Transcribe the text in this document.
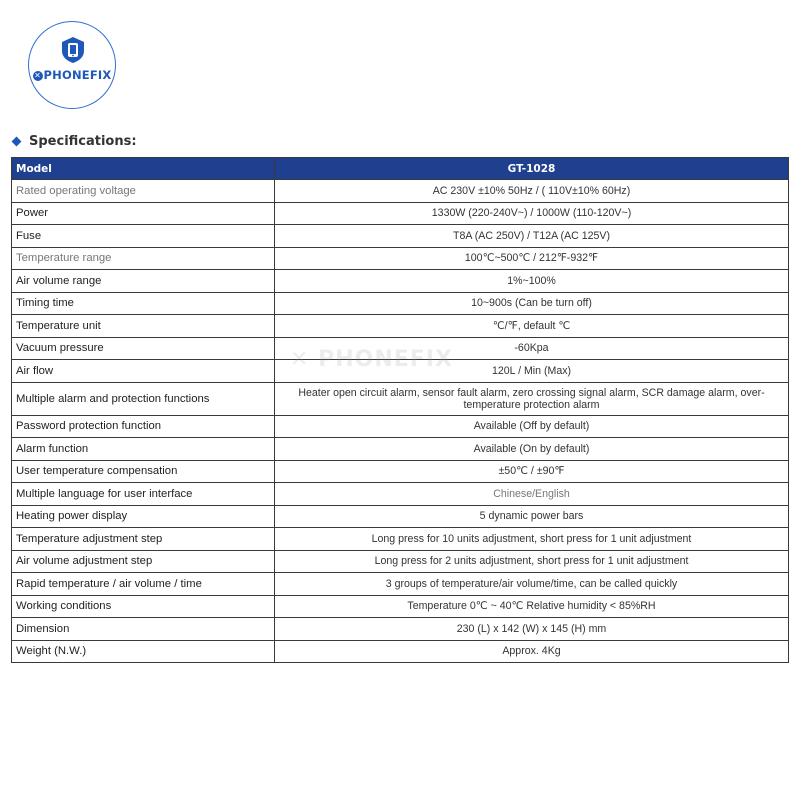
✕ PHONEFIX
Specifications:
Model	GT-1028
Rated operating voltage	AC 230V ±10% 50Hz / ( 110V±10% 60Hz)
Power	1330W (220-240V~) / 1000W (110-120V~)
Fuse	T8A (AC 250V) / T12A (AC 125V)
Temperature range	100℃~500℃ / 212℉-932℉
Air volume range	1%~100%
Timing time	10~900s (Can be turn off)
Temperature unit	℃/℉, default ℃
Vacuum pressure	-60Kpa
Air flow	120L / Min (Max)
Multiple alarm and protection functions	Heater open circuit alarm, sensor fault alarm, zero crossing signal alarm, SCR damage alarm, over-temperature protection alarm

Password protection function	Available (Off by default)
Alarm function	Available (On by default)
User temperature compensation	±50℃ / ±90℉
Multiple language for user interface	Chinese/English
Heating power display	5 dynamic power bars
Temperature adjustment step	Long press for 10 units adjustment, short press for 1 unit adjustment
Air volume adjustment step	Long press for 2 units adjustment, short press for 1 unit adjustment
Rapid temperature / air volume / time	3 groups of temperature/air volume/time, can be called quickly
Working conditions	Temperature 0℃ ~ 40℃ Relative humidity < 85%RH
Dimension	230 (L) x 142 (W) x 145 (H) mm
Weight (N.W.)	Approx. 4Kg
✕ PHONEFIX
